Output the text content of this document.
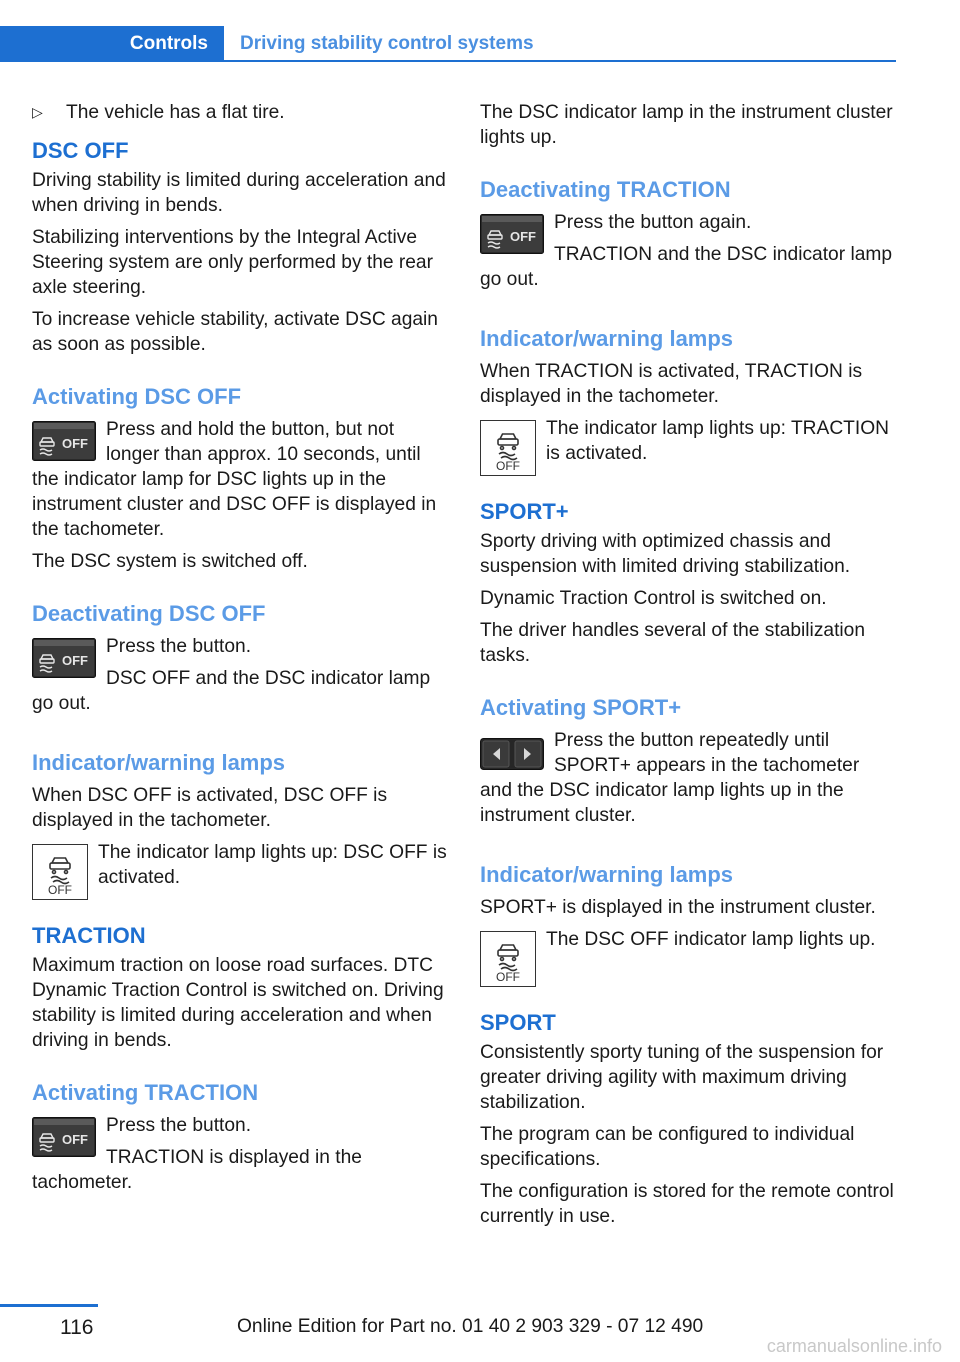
Controls	Driving stability control systems
▷ The vehicle has a flat tire.
DSC OFF

Driving stability is limited during acceleration and when driving in bends.

Stabilizing interventions by the Integral Active Steering system are only performed by the rear axle steering.

To increase vehicle stability, activate DSC again as soon as possible.

Activating DSC OFF

Press and hold the button, but not longer than approx. 10 seconds, until the indicator lamp for DSC lights up in the instrument cluster and DSC OFF is displayed in the tachometer.

The DSC system is switched off.

Deactivating DSC OFF

Press the button.

DSC OFF and the DSC indicator lamp go out.

Indicator/warning lamps

When DSC OFF is activated, DSC OFF is displayed in the tachometer.

The indicator lamp lights up: DSC OFF is activated.

TRACTION

Maximum traction on loose road surfaces. DTC Dynamic Traction Control is switched on. Driving stability is limited during acceleration and when driving in bends.

Activating TRACTION

Press the button.

TRACTION is displayed in the tachometer.

The DSC indicator lamp in the instrument cluster lights up.

Deactivating TRACTION

Press the button again.

TRACTION and the DSC indicator lamp go out.

Indicator/warning lamps

When TRACTION is activated, TRACTION is displayed in the tachometer.

The indicator lamp lights up: TRACTION is activated.

SPORT+

Sporty driving with optimized chassis and suspension with limited driving stabilization.

Dynamic Traction Control is switched on.

The driver handles several of the stabilization tasks.

Activating SPORT+

Press the button repeatedly until SPORT+ appears in the tachometer and the DSC indicator lamp lights up in the instrument cluster.

Indicator/warning lamps

SPORT+ is displayed in the instrument cluster.

The DSC OFF indicator lamp lights up.

SPORT

Consistently sporty tuning of the suspension for greater driving agility with maximum driving stabilization.

The program can be configured to individual specifications.

The configuration is stored for the remote control currently in use.

116	Online Edition for Part no. 01 40 2 903 329 - 07 12 490
carmanualsonline.info
